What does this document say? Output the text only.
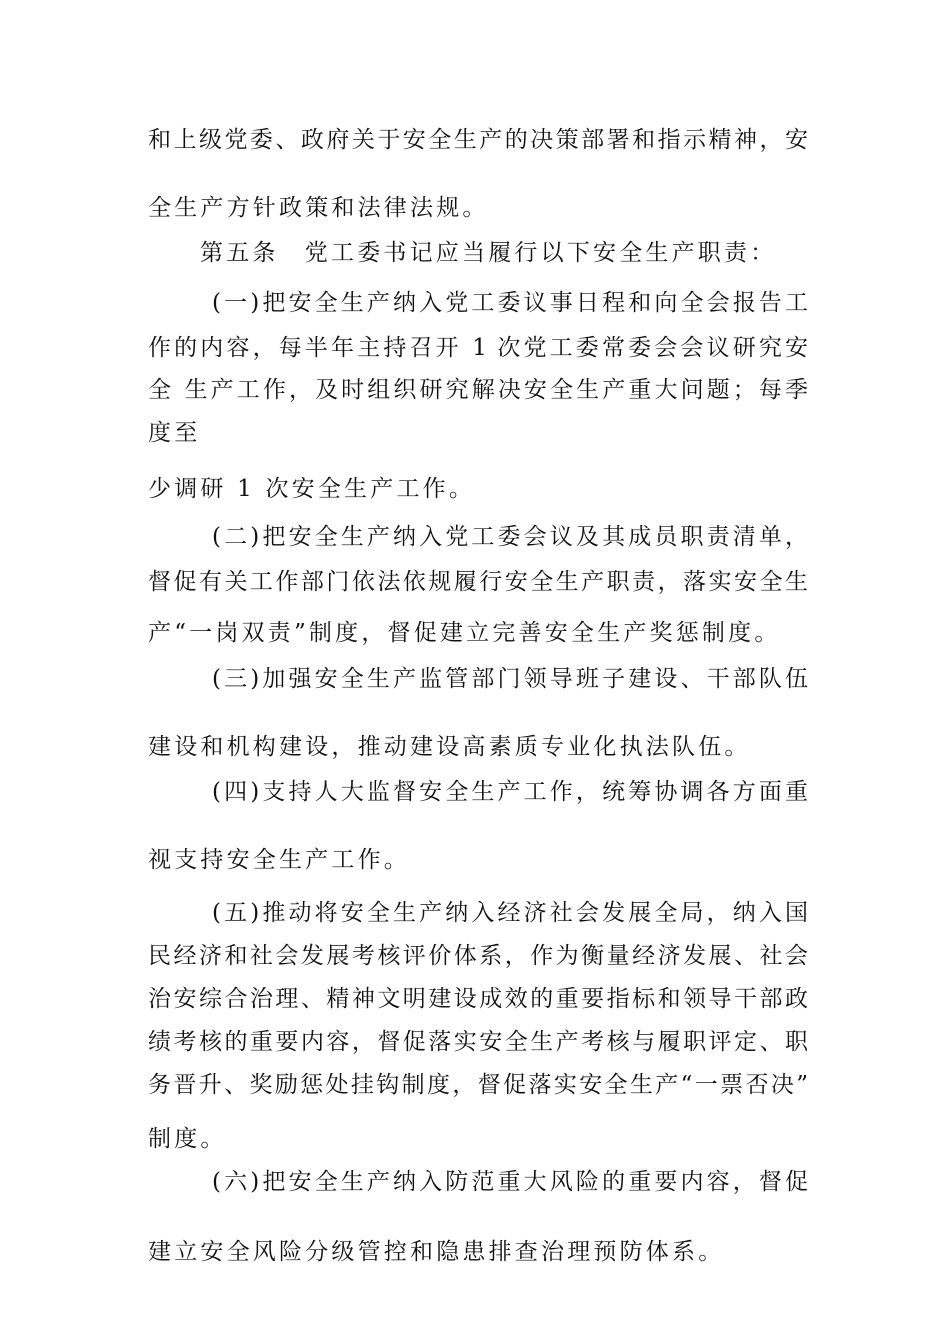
和上级党委、政府关于安全生产的决策部署和指示精神，安
全生产方针政策和法律法规。
第五条　党工委书记应当履行以下安全生产职责：
(一)把安全生产纳入党工委议事日程和向全会报告工
作的内容，每半年主持召开 1 次党工委常委会会议研究安
全 生产工作，及时组织研究解决安全生产重大问题；每季
度至
少调研 1 次安全生产工作。
(二)把安全生产纳入党工委会议及其成员职责清单，
督促有关工作部门依法依规履行安全生产职责，落实安全生
产“一岗双责”制度，督促建立完善安全生产奖惩制度。
(三)加强安全生产监管部门领导班子建设、干部队伍
建设和机构建设，推动建设高素质专业化执法队伍。
(四)支持人大监督安全生产工作，统筹协调各方面重
视支持安全生产工作。
(五)推动将安全生产纳入经济社会发展全局，纳入国
民经济和社会发展考核评价体系，作为衡量经济发展、社会
治安综合治理、精神文明建设成效的重要指标和领导干部政
绩考核的重要内容，督促落实安全生产考核与履职评定、职
务晋升、奖励惩处挂钩制度，督促落实安全生产“一票否决”
制度。
(六)把安全生产纳入防范重大风险的重要内容，督促
建立安全风险分级管控和隐患排查治理预防体系。
